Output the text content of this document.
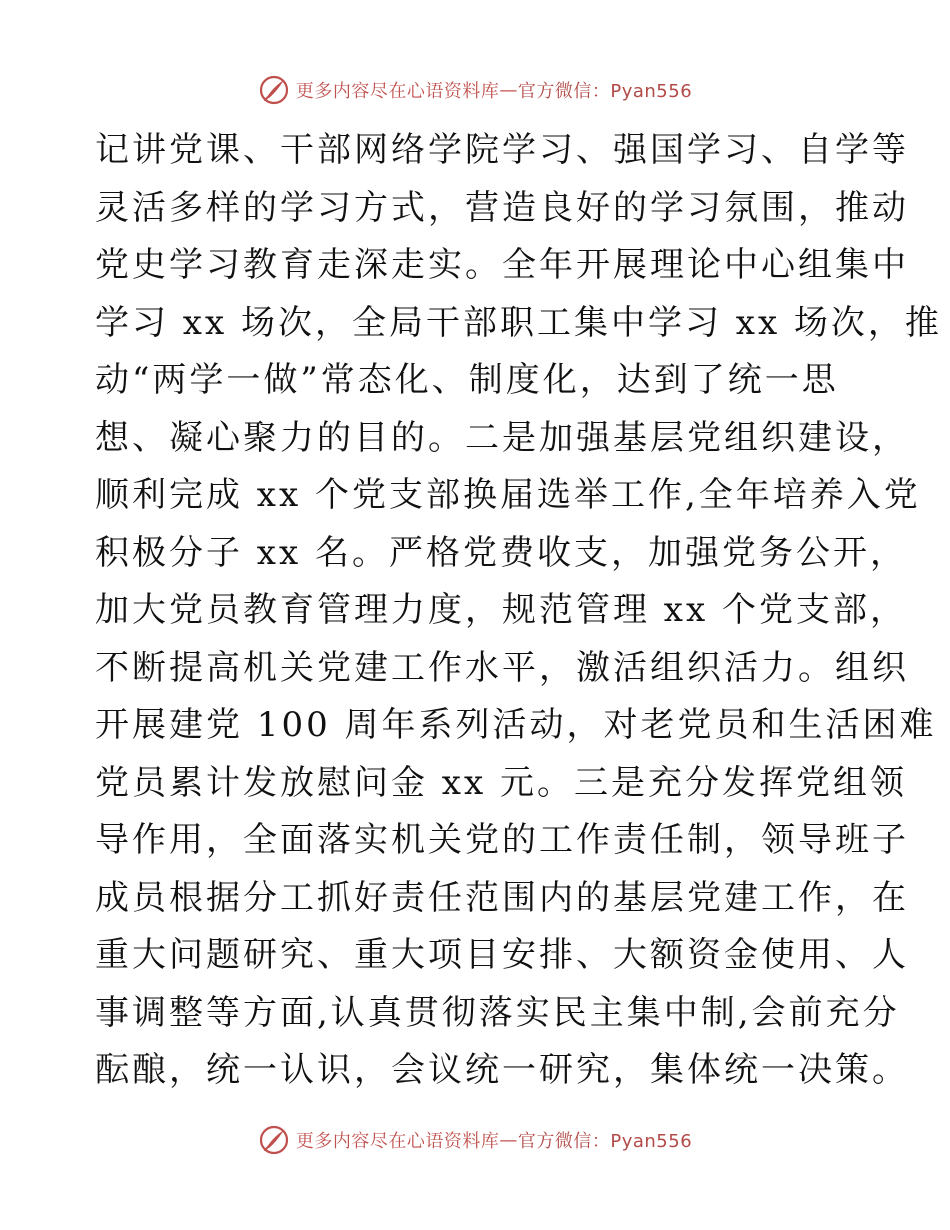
更多内容尽在心语资料库 — 官方微信：Pyan556
记讲党课、干部网络学院学习、强国学习、自学等
灵活多样的学习方式，营造良好的学习氛围，推动
党史学习教育走深走实。全年开展理论中心组集中
学习 xx 场次，全局干部职工集中学习 xx 场次，推
动“两学一做”常态化、制度化，达到了统一思
想、凝心聚力的目的。二是加强基层党组织建设，
顺利完成 xx 个党支部换届选举工作,全年培养入党
积极分子 xx 名。严格党费收支，加强党务公开，
加大党员教育管理力度，规范管理 xx 个党支部，
不断提高机关党建工作水平，激活组织活力。组织
开展建党 100 周年系列活动，对老党员和生活困难
党员累计发放慰问金 xx 元。三是充分发挥党组领
导作用，全面落实机关党的工作责任制，领导班子
成员根据分工抓好责任范围内的基层党建工作，在
重大问题研究、重大项目安排、大额资金使用、人
事调整等方面,认真贯彻落实民主集中制,会前充分
酝酿，统一认识，会议统一研究，集体统一决策。
更多内容尽在心语资料库 — 官方微信：Pyan556
